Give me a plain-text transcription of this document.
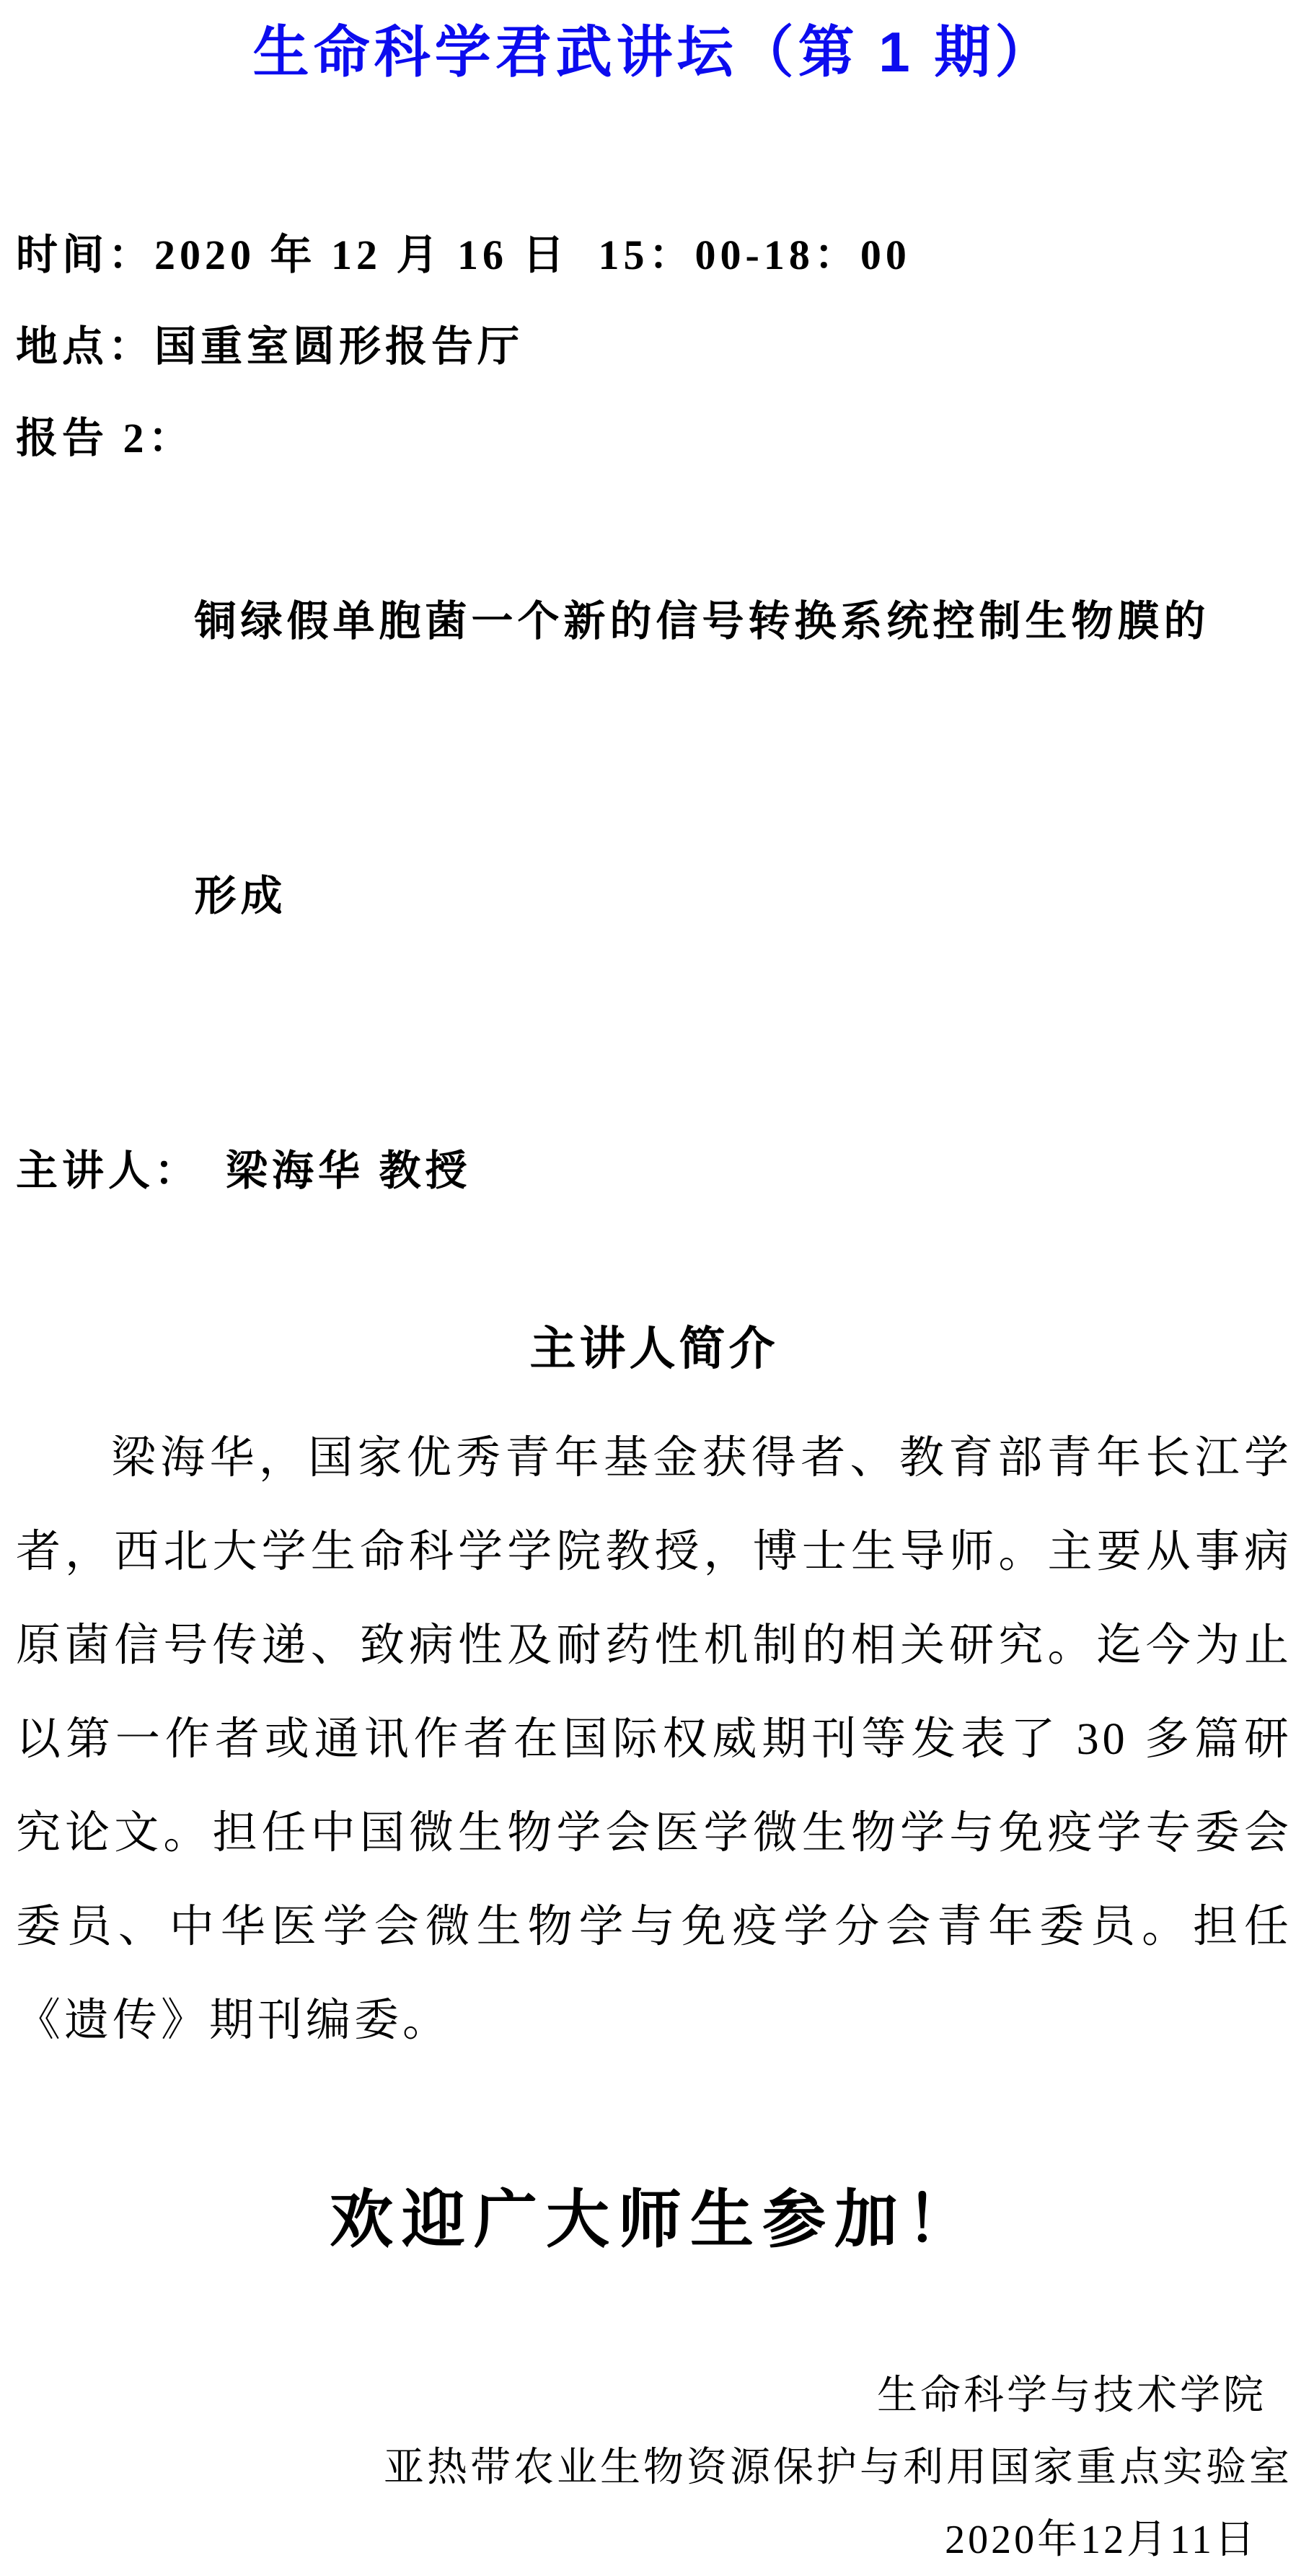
生命科学君武讲坛（第 1 期）
时间：2020 年 12 月 16 日  15：00-18：00
地点：国重室圆形报告厅
报告 2：

铜绿假单胞菌一个新的信号转换系统控制生物膜的

形成

主讲人：　梁海华 教授
主讲人简介

梁海华，国家优秀青年基金获得者、教育部青年长江学者，西北大学生命科学学院教授，博士生导师。主要从事病原菌信号传递、致病性及耐药性机制的相关研究。迄今为止以第一作者或通讯作者在国际权威期刊等发表了 30 多篇研究论文。担任中国微生物学会医学微生物学与免疫学专委会委员、中华医学会微生物学与免疫学分会青年委员。担任《遗传》期刊编委。

欢迎广大师生参加！
生命科学与技术学院
亚热带农业生物资源保护与利用国家重点实验室
2020年12月11日
